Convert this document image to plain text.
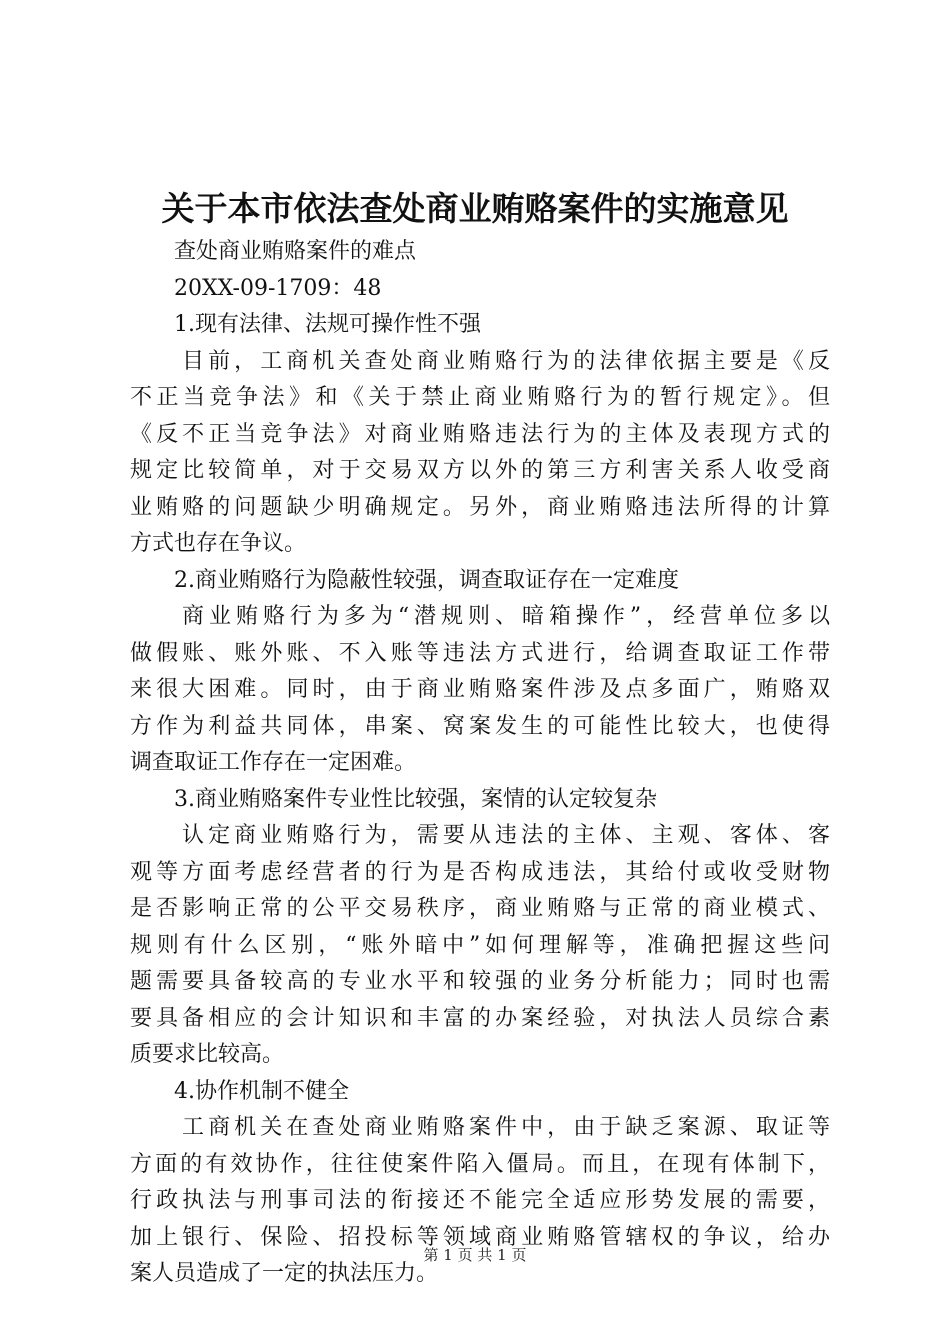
关于本市依法查处商业贿赂案件的实施意见
查处商业贿赂案件的难点
20XX-09-1709：48
1.现有法律、法规可操作性不强
目前，工商机关查处商业贿赂行为的法律依据主要是《反
不正当竞争法》和《关于禁止商业贿赂行为的暂行规定》。但
《反不正当竞争法》对商业贿赂违法行为的主体及表现方式的
规定比较简单，对于交易双方以外的第三方利害关系人收受商
业贿赂的问题缺少明确规定。另外，商业贿赂违法所得的计算
方式也存在争议。
2.商业贿赂行为隐蔽性较强，调查取证存在一定难度
商业贿赂行为多为“潜规则、暗箱操作”，经营单位多以
做假账、账外账、不入账等违法方式进行，给调查取证工作带
来很大困难。同时，由于商业贿赂案件涉及点多面广，贿赂双
方作为利益共同体，串案、窝案发生的可能性比较大，也使得
调查取证工作存在一定困难。
3.商业贿赂案件专业性比较强，案情的认定较复杂
认定商业贿赂行为，需要从违法的主体、主观、客体、客
观等方面考虑经营者的行为是否构成违法，其给付或收受财物
是否影响正常的公平交易秩序，商业贿赂与正常的商业模式、
规则有什么区别，“账外暗中”如何理解等，准确把握这些问
题需要具备较高的专业水平和较强的业务分析能力；同时也需
要具备相应的会计知识和丰富的办案经验，对执法人员综合素
质要求比较高。
4.协作机制不健全
工商机关在查处商业贿赂案件中，由于缺乏案源、取证等
方面的有效协作，往往使案件陷入僵局。而且，在现有体制下，
行政执法与刑事司法的衔接还不能完全适应形势发展的需要，
加上银行、保险、招投标等领域商业贿赂管辖权的争议，给办
案人员造成了一定的执法压力。
第 1 页 共 1 页
